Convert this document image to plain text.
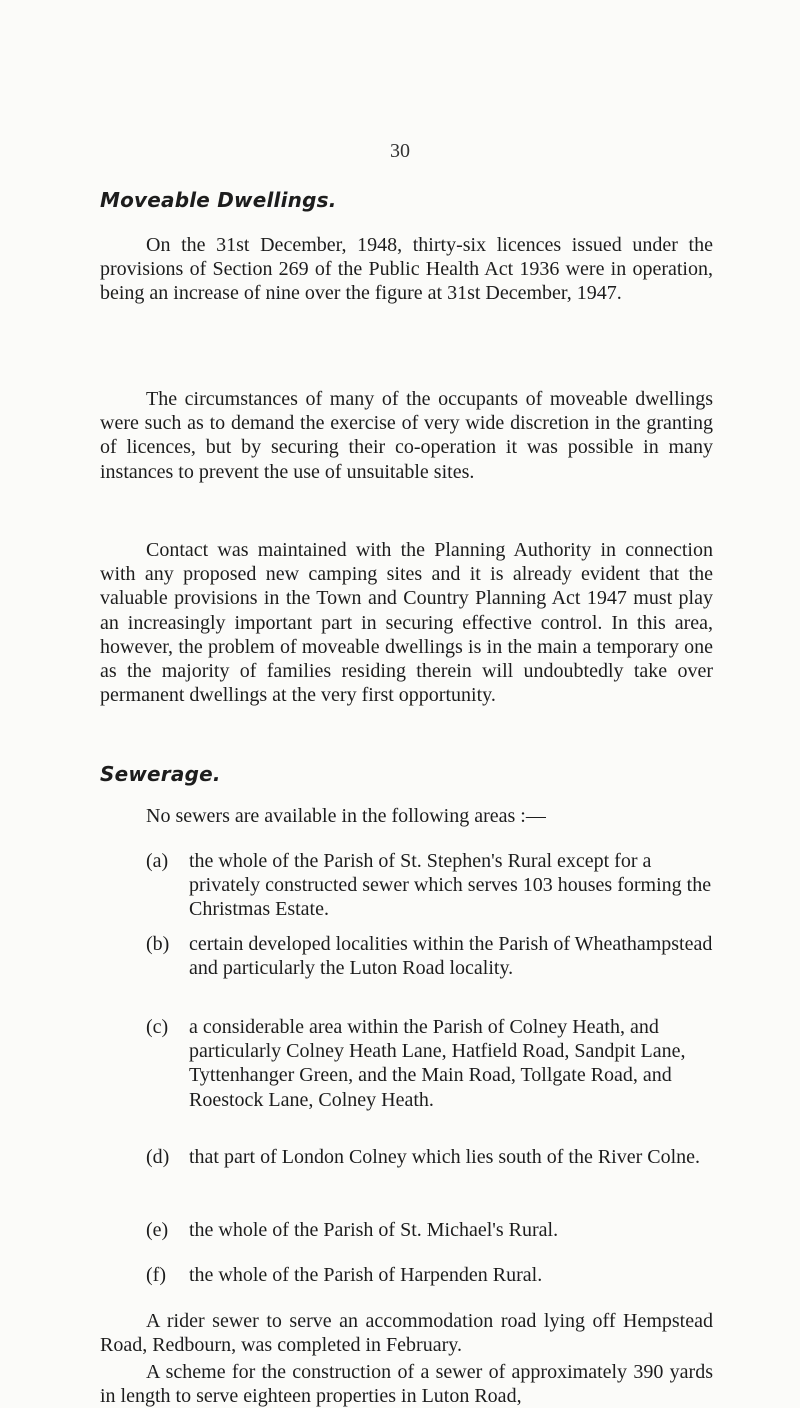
30
Moveable Dwellings.

On the 31st December, 1948, thirty-six licences issued under the provisions of Section 269 of the Public Health Act 1936 were in operation, being an increase of nine over the figure at 31st December, 1947.

The circumstances of many of the occupants of moveable dwellings were such as to demand the exercise of very wide discretion in the granting of licences, but by securing their co-operation it was possible in many instances to prevent the use of unsuitable sites.

Contact was maintained with the Planning Authority in connection with any proposed new camping sites and it is already evident that the valuable provisions in the Town and Country Planning Act 1947 must play an increasingly important part in securing effective control. In this area, however, the problem of moveable dwellings is in the main a temporary one as the majority of families residing therein will undoubtedly take over permanent dwellings at the very first opportunity.

Sewerage.

No sewers are available in the following areas :—

(a) the whole of the Parish of St. Stephen's Rural except for a privately constructed sewer which serves 103 houses forming the Christmas Estate.

(b) certain developed localities within the Parish of Wheathampstead and particularly the Luton Road locality.

(c) a considerable area within the Parish of Colney Heath, and particularly Colney Heath Lane, Hatfield Road, Sandpit Lane, Tyttenhanger Green, and the Main Road, Tollgate Road, and Roestock Lane, Colney Heath.

(d) that part of London Colney which lies south of the River Colne.

(e) the whole of the Parish of St. Michael's Rural.

(f) the whole of the Parish of Harpenden Rural.

A rider sewer to serve an accommodation road lying off Hempstead Road, Redbourn, was completed in February.

A scheme for the construction of a sewer of approximately 390 yards in length to serve eighteen properties in Luton Road,
